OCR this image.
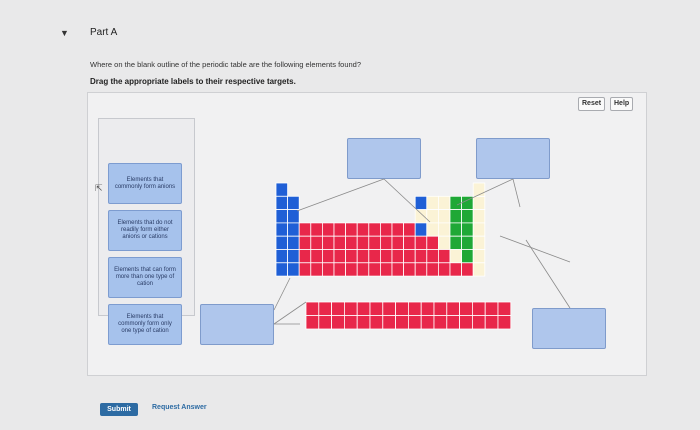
▼ Part A
Where on the blank outline of the periodic table are the following elements found?
Drag the appropriate labels to their respective targets.
Reset	Help
Elements that commonly form anions
Elements that do not readily form either anions or cations
Elements that can form more than one type of cation
Elements that commonly form only one type of cation
⇱
Submit	Request Answer
